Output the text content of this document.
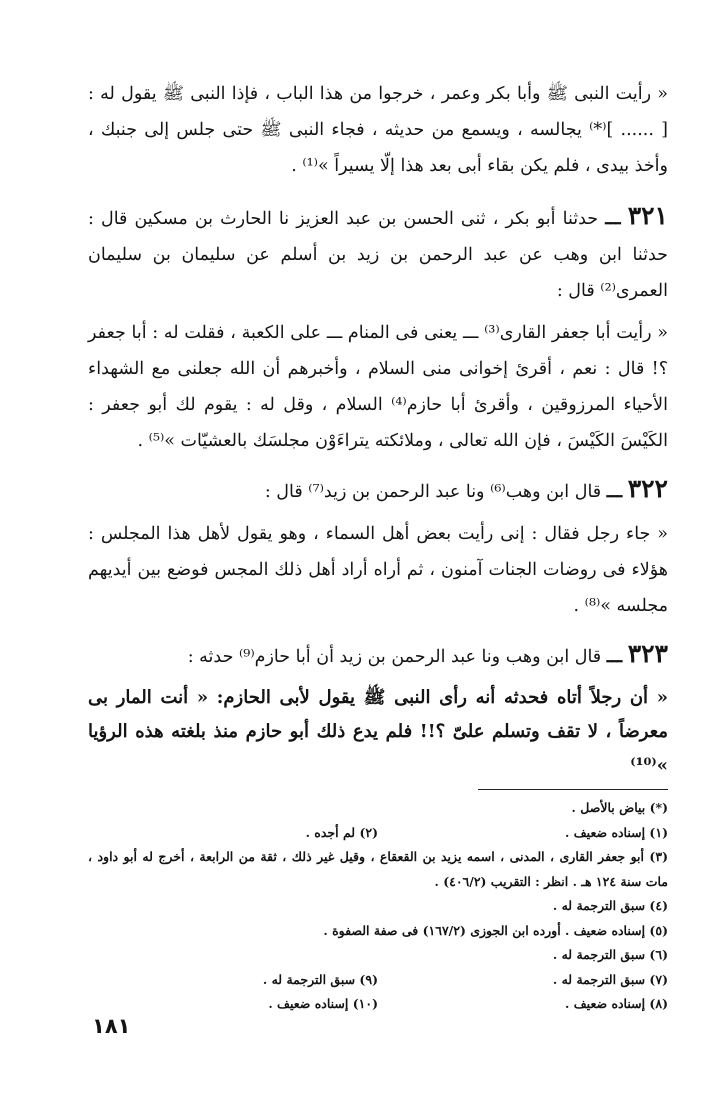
« رأيت النبى ﷺ وأبا بكر وعمر ، خرجوا من هذا الباب ، فإذا النبى ﷺ يقول له : [ ...... ]⁽*⁾ يجالسه ، ويسمع من حديثه ، فجاء النبى ﷺ حتى جلس إلى جنبك ، وأخذ بيدى ، فلم يكن بقاء أبى بعد هذا إلّا يسيراً »⁽¹⁾ .

٣٢١ ـــ حدثنا أبو بكر ، ثنى الحسن بن عبد العزيز نا الحارث بن مسكين قال : حدثنا ابن وهب عن عبد الرحمن بن زيد بن أسلم عن سليمان بن سليمان العمرى⁽²⁾ قال :

« رأيت أبا جعفر القارى⁽³⁾ ـــ يعنى فى المنام ـــ على الكعبة ، فقلت له : أبا جعفر ؟! قال : نعم ، أقرئ إخوانى منى السلام ، وأخبرهم أن الله جعلنى مع الشهداء الأحياء المرزوقين ، وأقرئ أبا حازم⁽⁴⁾ السلام ، وقل له : يقوم لك أبو جعفر : الكَيْسَ الكَيْسَ ، فإن الله تعالى ، وملائكته يتراءَوْن مجلسَك بالعشيّات »⁽⁵⁾ .

٣٢٢ ـــ قال ابن وهب⁽⁶⁾ ونا عبد الرحمن بن زيد⁽⁷⁾ قال :

« جاء رجل فقال : إنى رأيت بعض أهل السماء ، وهو يقول لأهل هذا المجلس : هؤلاء فى روضات الجنات آمنون ، ثم أراه أراد أهل ذلك المجس فوضع بين أيديهم مجلسه »⁽⁸⁾ .

٣٢٣ ـــ قال ابن وهب ونا عبد الرحمن بن زيد أن أبا حازم⁽⁹⁾ حدثه :

« أن رجلاً أتاه فحدثه أنه رأى النبى ﷺ يقول لأبى الحازم: « أنت المار بى معرضاً ، لا تقف وتسلم علىّ ؟!! فلم يدع ذلك أبو حازم منذ بلغته هذه الرؤيا »⁽¹⁰⁾

(*) بياض بالأصل .
(١) إسناده ضعيف .
(٢) لم أجده .
(٣) أبو جعفر القارى ، المدنى ، اسمه يزيد بن القعقاع ، وقيل غير ذلك ، ثقة من الرابعة ، أخرج له أبو داود ، مات سنة ١٢٤ هـ . انظر : التقريب (٤٠٦/٢) .
(٤) سبق الترجمة له .
(٥) إسناده ضعيف . أورده ابن الجوزى (١٦٧/٢) فى صفة الصفوة .
(٦) سبق الترجمة له .
(٧) سبق الترجمة له .
(٩) سبق الترجمة له .
(٨) إسناده ضعيف .
(١٠) إسناده ضعيف .
١٨١
